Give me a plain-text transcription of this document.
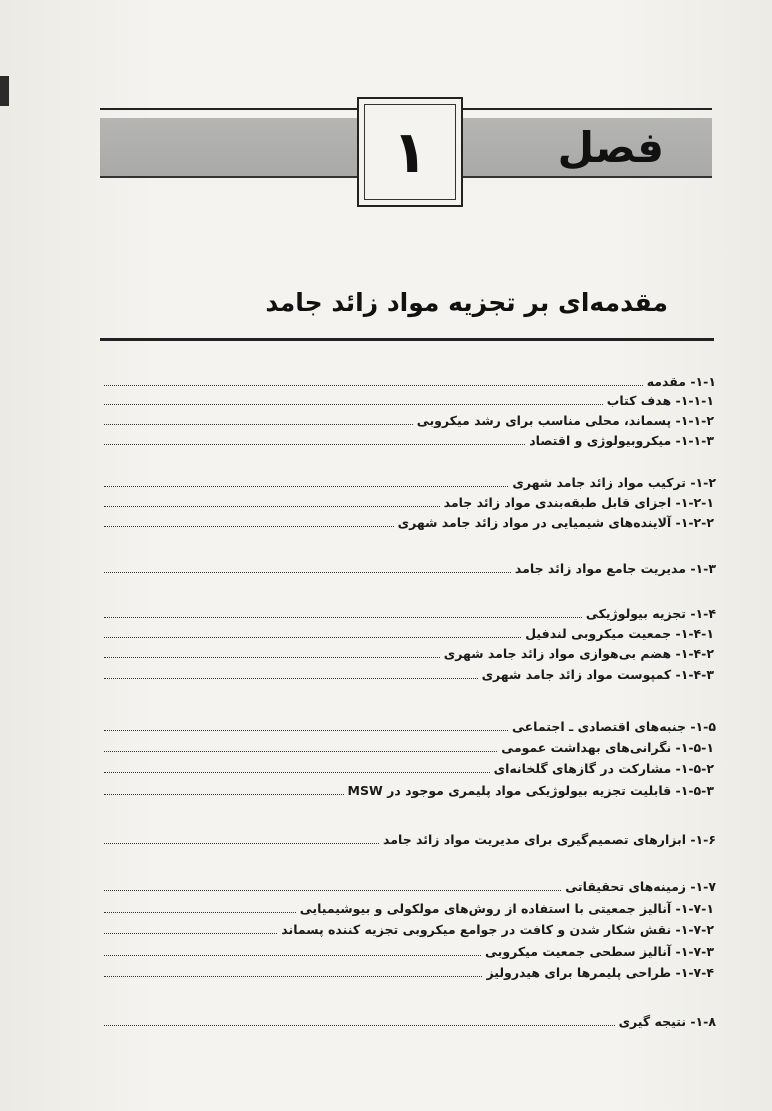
۱	فصل
مقدمه‌ای بر تجزیه مواد زائد جامد
۱-۱- مقدمه
۱-۱-۱- هدف کتاب
۱-۱-۲- پسماند، محلی مناسب برای رشد میکروبی
۱-۱-۳- میکروبیولوژی و اقتصاد
۱-۲- ترکیب مواد زائد جامد شهری
۱-۲-۱- اجزای قابل طبقه‌بندی مواد زائد جامد
۱-۲-۲- آلاینده‌های شیمیایی در مواد زائد جامد شهری
۱-۳- مدیریت جامع مواد زائد جامد
۱-۴- تجزیه بیولوژیکی
۱-۴-۱- جمعیت میکروبی لندفیل
۱-۴-۲- هضم بی‌هوازی مواد زائد جامد شهری
۱-۴-۳- کمپوست مواد زائد جامد شهری
۱-۵- جنبه‌های اقتصادی ـ اجتماعی
۱-۵-۱- نگرانی‌های بهداشت عمومی
۱-۵-۲- مشارکت در گازهای گلخانه‌ای
۱-۵-۳- قابلیت تجزیه بیولوژیکی مواد پلیمری موجود در MSW
۱-۶- ابزارهای تصمیم‌گیری برای مدیریت مواد زائد جامد
۱-۷- زمینه‌های تحقیقاتی
۱-۷-۱- آنالیز جمعیتی با استفاده از روش‌های مولکولی و بیوشیمیایی
۱-۷-۲- نقش شکار شدن و کافت در جوامع میکروبی تجزیه کننده پسماند
۱-۷-۳- آنالیز سطحی جمعیت میکروبی
۱-۷-۴- طراحی پلیمرها برای هیدرولیز
۱-۸- نتیجه گیری
